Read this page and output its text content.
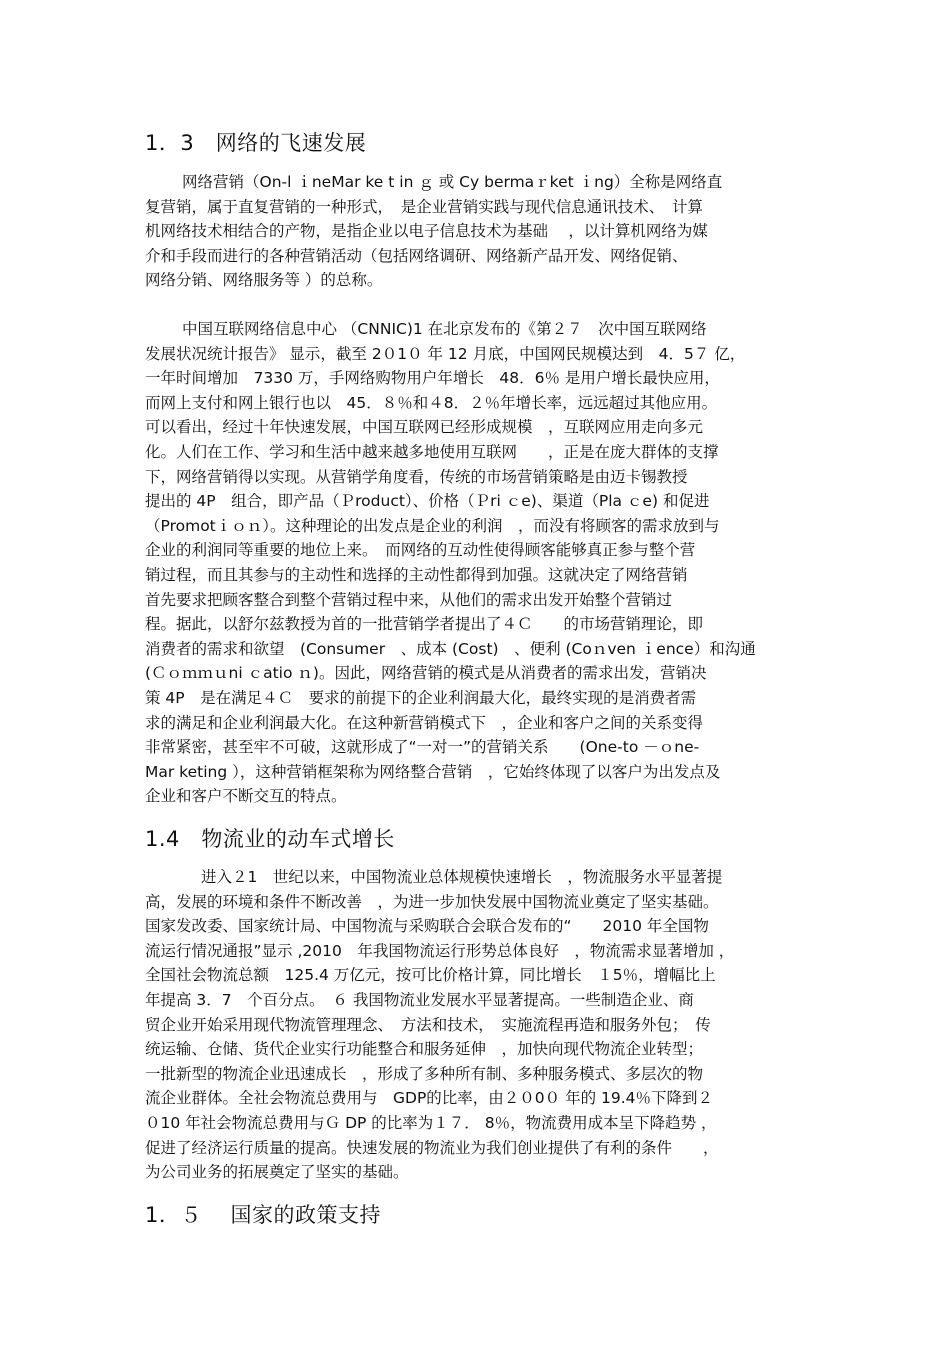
1．3　网络的飞速发展
网络营销（On-l ｉneMar ke t in ｇ 或 Cy bermaｒket ｉng）全称是网络直
复营销，属于直复营销的一种形式，　是企业营销实践与现代信息通讯技术、　计算
机网络技术相结合的产物，是指企业以电子信息技术为基础　 ，以计算机网络为媒
介和手段而进行的各种营销活动（包括网络调研、网络新产品开发、网络促销、
网络分销、网络服务等 ）的总称。
中国互联网络信息中心 （CNNIC)1 在北京发布的《第２７　次中国互联网络
发展状况统计报告》 显示，截至 2０1０ 年 12 月底，中国网民规模达到　4．5７ 亿，
一年时间增加　7330 万，手网络购物用户年增长　48．6％ 是用户增长最快应用，
而网上支付和网上银行也以　45．８％和４8．２％年增长率，远远超过其他应用。
可以看出，经过十年快速发展，中国互联网已经形成规模　，互联网应用走向多元
化。人们在工作、学习和生活中越来越多地使用互联网　　，正是在庞大群体的支撑
下，网络营销得以实现。从营销学角度看，传统的市场营销策略是由迈卡锡教授
提出的 4P　组合，即产品（Ｐroduct）、价格（Ｐri ｃe)、渠道（Pla ｃe) 和促进
（Promotｉｏｎ）。这种理论的出发点是企业的利润　，而没有将顾客的需求放到与
企业的利润同等重要的地位上来。　而网络的互动性使得顾客能够真正参与整个营
销过程，而且其参与的主动性和选择的主动性都得到加强。这就决定了网络营销
首先要求把顾客整合到整个营销过程中来，从他们的需求出发开始整个营销过
程。据此，以舒尔兹教授为首的一批营销学者提出了４Ｃ　　的市场营销理论，即
消费者的需求和欲望　(Consumer　、成本 (Cost)　、便利 (Coｎven ｉence）和沟通
(Ｃｏｍｍｕni ｃatio ｎ)。因此，网络营销的模式是从消费者的需求出发，营销决
策 4P　是在满足４Ｃ　要求的前提下的企业利润最大化，最终实现的是消费者需
求的满足和企业利润最大化。在这种新营销模式下　，企业和客户之间的关系变得
非常紧密，甚至牢不可破，这就形成了“一对一”的营销关系　　(One-to －ｏne-
Mar keting ），这种营销框架称为网络整合营销　，它始终体现了以客户为出发点及
企业和客户不断交互的特点。
1.4　物流业的动车式增长
进入２1　世纪以来，中国物流业总体规模快速增长　，物流服务水平显著提
高，发展的环境和条件不断改善　，为进一步加快发展中国物流业奠定了坚实基础。
国家发改委、国家统计局、中国物流与采购联合会联合发布的“　　2010 年全国物
流运行情况通报”显示 ,2010　年我国物流运行形势总体良好　，物流需求显著增加 ，
全国社会物流总额　125.4 万亿元，按可比价格计算，同比增长　１5％，增幅比上
年提高 3．7　个百分点。　６ 我国物流业发展水平显著提高。一些制造企业、商
贸企业开始采用现代物流管理理念、　方法和技术，　实施流程再造和服务外包；　传
统运输、仓储、货代企业实行功能整合和服务延伸　，加快向现代物流企业转型；
一批新型的物流企业迅速成长　，形成了多种所有制、多种服务模式、多层次的物
流企业群体。全社会物流总费用与　GDP的比率，由２０0０ 年的 19.4％下降到２
０10 年社会物流总费用与Ｇ DP 的比率为１７． 8％，物流费用成本呈下降趋势 ，
促进了经济运行质量的提高。快速发展的物流业为我们创业提供了有利的条件　　，
为公司业务的拓展奠定了坚实的基础。
1．５　 国家的政策支持
